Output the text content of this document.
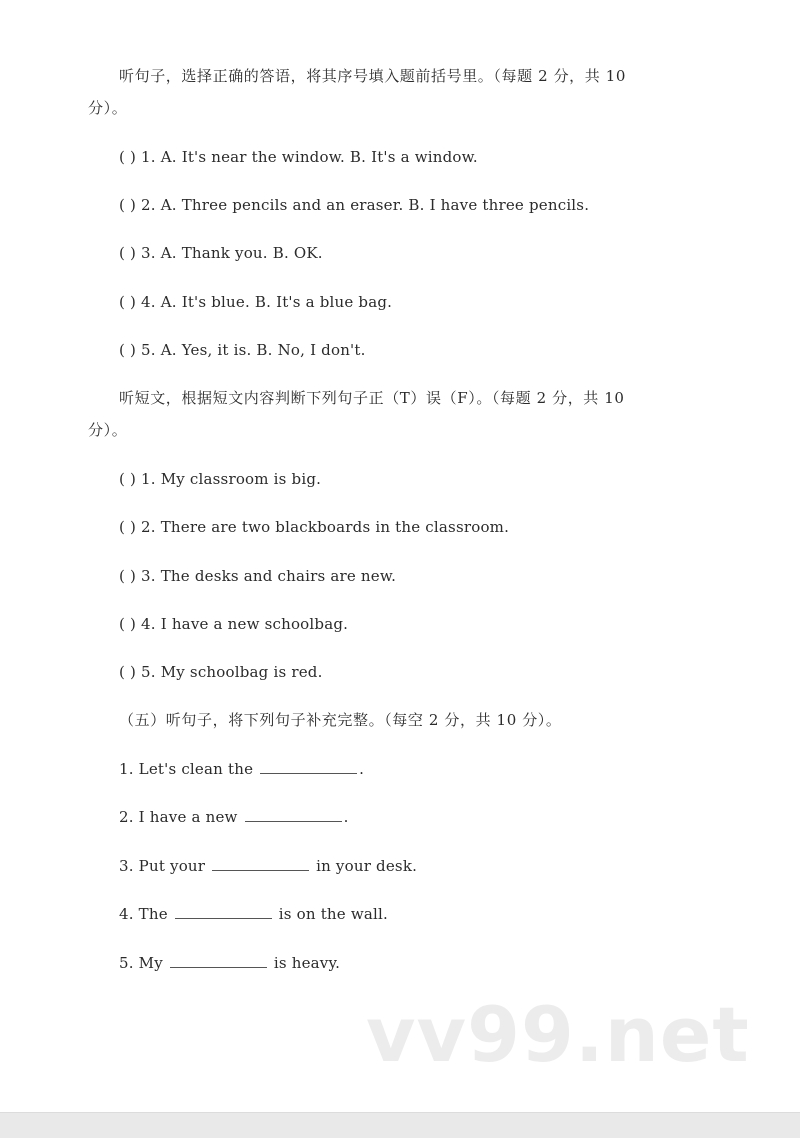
听句子，选择正确的答语，将其序号填入题前括号里。（每题 2 分，共 10 分）。
( ) 1. A. It's near the window. B. It's a window.
( ) 2. A. Three pencils and an eraser. B. I have three pencils.
( ) 3. A. Thank you. B. OK.
( ) 4. A. It's blue. B. It's a blue bag.
( ) 5. A. Yes, it is. B. No, I don't.
听短文，根据短文内容判断下列句子正（T）误（F）。（每题 2 分，共 10 分）。
( ) 1. My classroom is big.
( ) 2. There are two blackboards in the classroom.
( ) 3. The desks and chairs are new.
( ) 4. I have a new schoolbag.
( ) 5. My schoolbag is red.
（五）听句子，将下列句子补充完整。（每空 2 分，共 10 分）。
1. Let's clean the	.
2. I have a new	.
3. Put your	in your desk.
4. The	is on the wall.
5. My	is heavy.
vv99.net
